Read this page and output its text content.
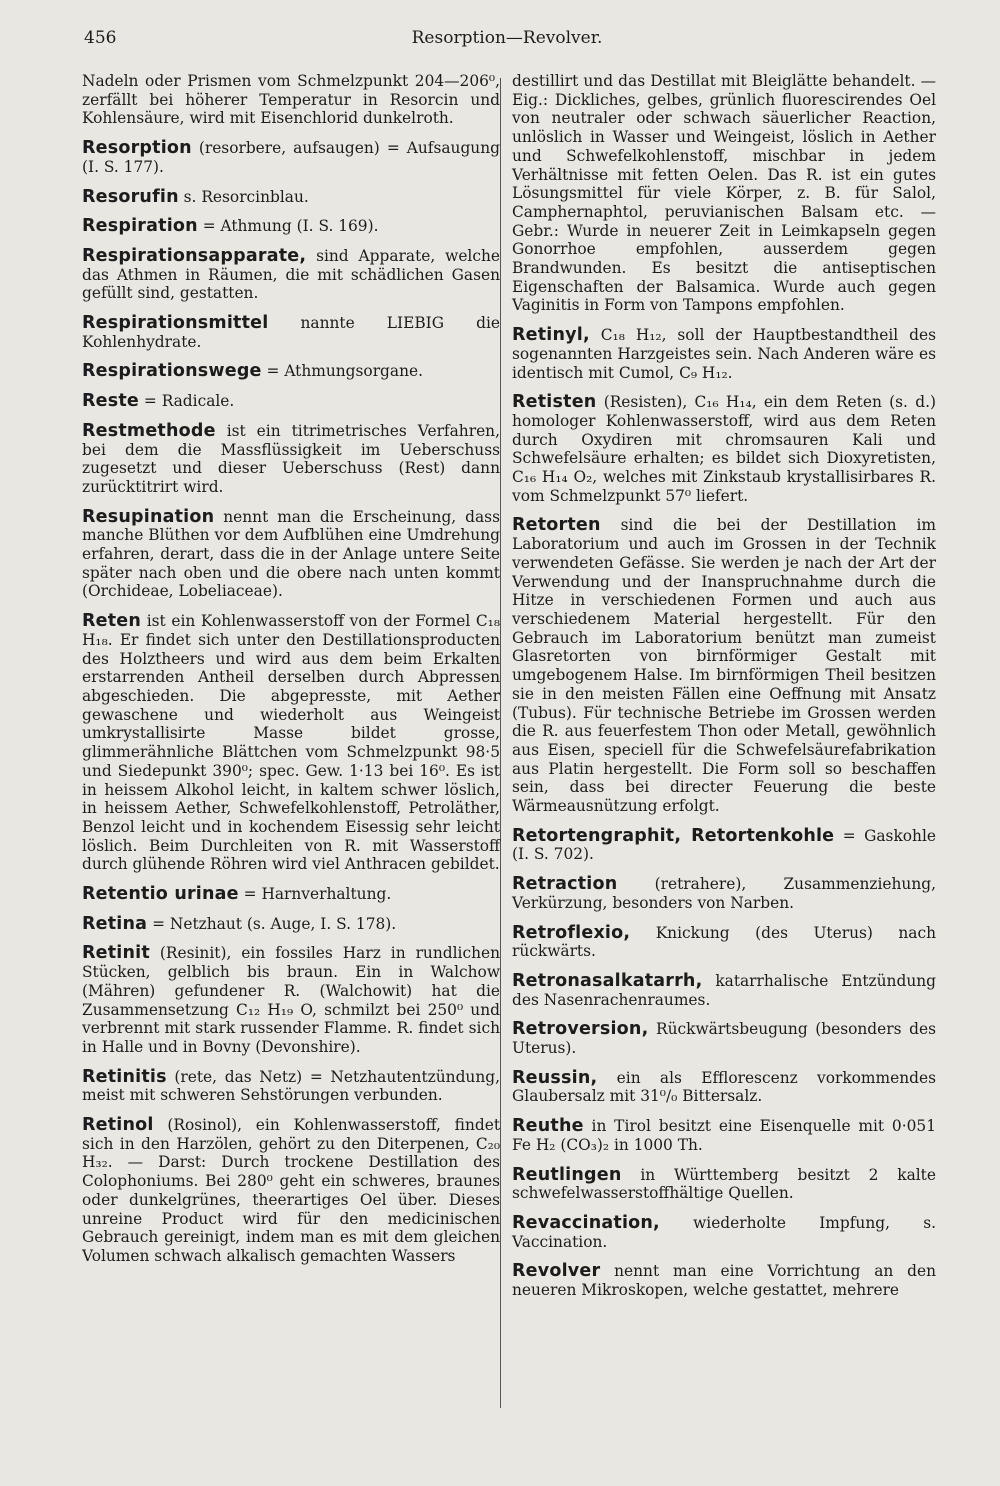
456	Resorption—Revolver.

Nadeln oder Prismen vom Schmelzpunkt 204—206⁰, zerfällt bei höherer Temperatur in Resorcin und Kohlensäure, wird mit Eisenchlorid dunkelroth.

Resorption (resorbere, aufsaugen) = Aufsaugung (I. S. 177).

Resorufin s. Resorcinblau.

Respiration = Athmung (I. S. 169).

Respirationsapparate, sind Apparate, welche das Athmen in Räumen, die mit schädlichen Gasen gefüllt sind, gestatten.

Respirationsmittel nannte LIEBIG die Kohlenhydrate.

Respirationswege = Athmungsorgane.

Reste = Radicale.

Restmethode ist ein titrimetrisches Verfahren, bei dem die Massflüssigkeit im Ueberschuss zugesetzt und dieser Ueberschuss (Rest) dann zurücktitrirt wird.

Resupination nennt man die Erscheinung, dass manche Blüthen vor dem Aufblühen eine Umdrehung erfahren, derart, dass die in der Anlage untere Seite später nach oben und die obere nach unten kommt (Orchideae, Lobeliaceae).

Reten ist ein Kohlenwasserstoff von der Formel C₁₈ H₁₈. Er findet sich unter den Destillationsproducten des Holztheers und wird aus dem beim Erkalten erstarrenden Antheil derselben durch Abpressen abgeschieden. Die abgepresste, mit Aether gewaschene und wiederholt aus Weingeist umkrystallisirte Masse bildet grosse, glimmerähnliche Blättchen vom Schmelzpunkt 98·5 und Siedepunkt 390⁰; spec. Gew. 1·13 bei 16⁰. Es ist in heissem Alkohol leicht, in kaltem schwer löslich, in heissem Aether, Schwefelkohlenstoff, Petroläther, Benzol leicht und in kochendem Eisessig sehr leicht löslich. Beim Durchleiten von R. mit Wasserstoff durch glühende Röhren wird viel Anthracen gebildet.

Retentio urinae = Harnverhaltung.

Retina = Netzhaut (s. Auge, I. S. 178).

Retinit (Resinit), ein fossiles Harz in rundlichen Stücken, gelblich bis braun. Ein in Walchow (Mähren) gefundener R. (Walchowit) hat die Zusammensetzung C₁₂ H₁₉ O, schmilzt bei 250⁰ und verbrennt mit stark russender Flamme. R. findet sich in Halle und in Bovny (Devonshire).

Retinitis (rete, das Netz) = Netzhautentzündung, meist mit schweren Sehstörungen verbunden.

Retinol (Rosinol), ein Kohlenwasserstoff, findet sich in den Harzölen, gehört zu den Diterpenen, C₂₀ H₃₂. — Darst: Durch trockene Destillation des Colophoniums. Bei 280⁰ geht ein schweres, braunes oder dunkelgrünes, theerartiges Oel über. Dieses unreine Product wird für den medicinischen Gebrauch gereinigt, indem man es mit dem gleichen Volumen schwach alkalisch gemachten Wassers

destillirt und das Destillat mit Bleiglätte behandelt. — Eig.: Dickliches, gelbes, grünlich fluorescirendes Oel von neutraler oder schwach säuerlicher Reaction, unlöslich in Wasser und Weingeist, löslich in Aether und Schwefelkohlenstoff, mischbar in jedem Verhältnisse mit fetten Oelen. Das R. ist ein gutes Lösungsmittel für viele Körper, z. B. für Salol, Camphernaphtol, peruvianischen Balsam etc. — Gebr.: Wurde in neuerer Zeit in Leimkapseln gegen Gonorrhoe empfohlen, ausserdem gegen Brandwunden. Es besitzt die antiseptischen Eigenschaften der Balsamica. Wurde auch gegen Vaginitis in Form von Tampons empfohlen.

Retinyl, C₁₈ H₁₂, soll der Hauptbestandtheil des sogenannten Harzgeistes sein. Nach Anderen wäre es identisch mit Cumol, C₉ H₁₂.

Retisten (Resisten), C₁₆ H₁₄, ein dem Reten (s. d.) homologer Kohlenwasserstoff, wird aus dem Reten durch Oxydiren mit chromsauren Kali und Schwefelsäure erhalten; es bildet sich Dioxyretisten, C₁₆ H₁₄ O₂, welches mit Zinkstaub krystallisirbares R. vom Schmelzpunkt 57⁰ liefert.

Retorten sind die bei der Destillation im Laboratorium und auch im Grossen in der Technik verwendeten Gefässe. Sie werden je nach der Art der Verwendung und der Inanspruchnahme durch die Hitze in verschiedenen Formen und auch aus verschiedenem Material hergestellt. Für den Gebrauch im Laboratorium benützt man zumeist Glasretorten von birnförmiger Gestalt mit umgebogenem Halse. Im birnförmigen Theil besitzen sie in den meisten Fällen eine Oeffnung mit Ansatz (Tubus). Für technische Betriebe im Grossen werden die R. aus feuerfestem Thon oder Metall, gewöhnlich aus Eisen, speciell für die Schwefelsäurefabrikation aus Platin hergestellt. Die Form soll so beschaffen sein, dass bei directer Feuerung die beste Wärmeausnützung erfolgt.

Retortengraphit, Retortenkohle = Gaskohle (I. S. 702).

Retraction (retrahere), Zusammenziehung, Verkürzung, besonders von Narben.

Retroflexio, Knickung (des Uterus) nach rückwärts.

Retronasalkatarrh, katarrhalische Entzündung des Nasenrachenraumes.

Retroversion, Rückwärtsbeugung (besonders des Uterus).

Reussin, ein als Efflorescenz vorkommendes Glaubersalz mit 31⁰/₀ Bittersalz.

Reuthe in Tirol besitzt eine Eisenquelle mit 0·051 Fe H₂ (CO₃)₂ in 1000 Th.

Reutlingen in Württemberg besitzt 2 kalte schwefelwasserstoffhältige Quellen.

Revaccination, wiederholte Impfung, s. Vaccination.

Revolver nennt man eine Vorrichtung an den neueren Mikroskopen, welche gestattet, mehrere
